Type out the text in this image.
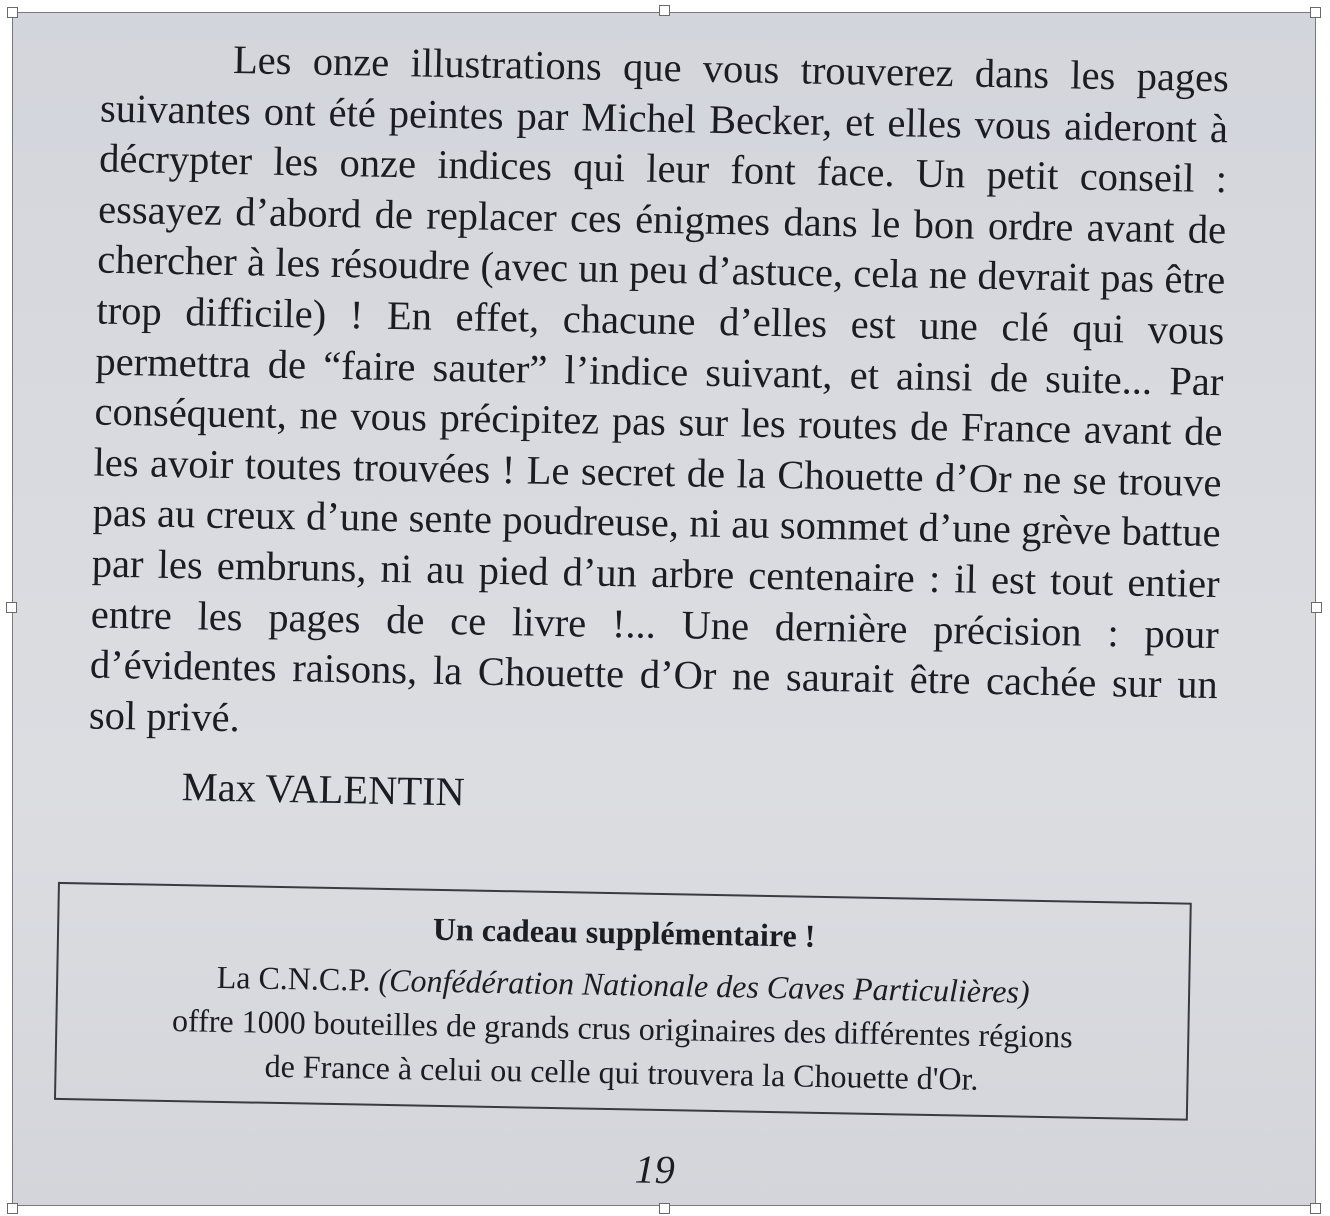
Les onze illustrations que vous trouverez dans les pages suivantes ont été peintes par Michel Becker, et elles vous aideront à décrypter les onze indices qui leur font face. Un petit conseil : essayez d’abord de replacer ces énigmes dans le bon ordre avant de chercher à les résoudre (avec un peu d’astuce, cela ne devrait pas être trop difficile) ! En effet, chacune d’elles est une clé qui vous permettra de “faire sauter” l’indice suivant, et ainsi de suite... Par conséquent, ne vous précipitez pas sur les routes de France avant de les avoir toutes trouvées ! Le secret de la Chouette d’Or ne se trouve pas au creux d’une sente poudreuse, ni au sommet d’une grève battue par les embruns, ni au pied d’un arbre centenaire : il est tout entier entre les pages de ce livre !... Une dernière précision : pour d’évidentes raisons, la Chouette d’Or ne saurait être cachée sur un sol privé.

Max VALENTIN

Un cadeau supplémentaire !

La C.N.C.P. (Confédération Nationale des Caves Particulières)

offre 1000 bouteilles de grands crus originaires des différentes régions

de France à celui ou celle qui trouvera la Chouette d'Or.

19
